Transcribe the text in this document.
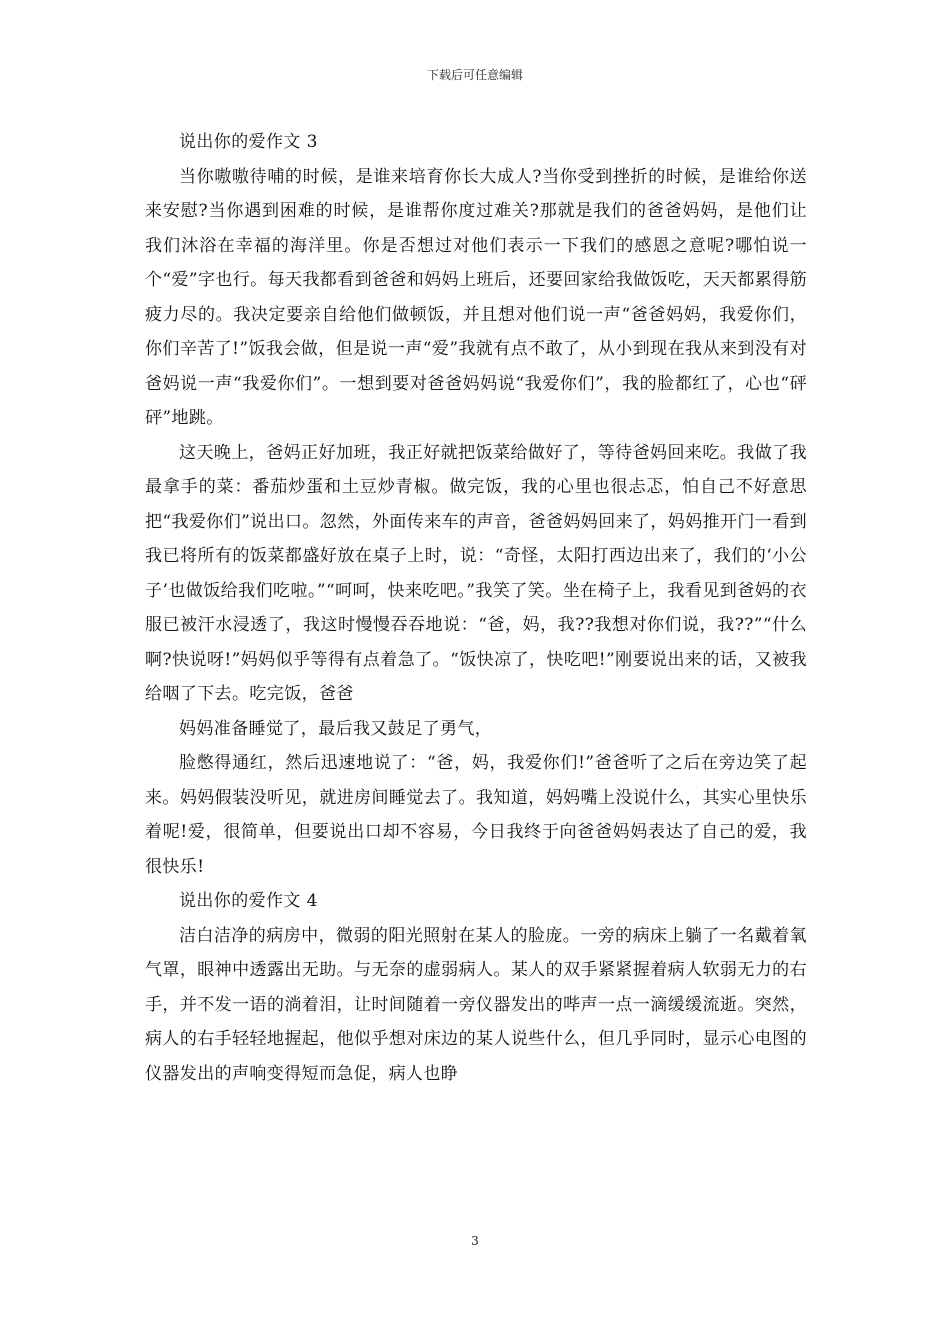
下载后可任意编辑

说出你的爱作文 3

当你嗷嗷待哺的时候，是谁来培育你长大成人?当你受到挫折的时候，是谁给你送来安慰?当你遇到困难的时候，是谁帮你度过难关?那就是我们的爸爸妈妈，是他们让我们沐浴在幸福的海洋里。你是否想过对他们表示一下我们的感恩之意呢?哪怕说一个“爱”字也行。每天我都看到爸爸和妈妈上班后，还要回家给我做饭吃，天天都累得筋疲力尽的。我决定要亲自给他们做顿饭，并且想对他们说一声“爸爸妈妈，我爱你们，你们辛苦了!”饭我会做，但是说一声“爱”我就有点不敢了，从小到现在我从来到没有对爸妈说一声“我爱你们”。一想到要对爸爸妈妈说“我爱你们”，我的脸都红了，心也“砰砰”地跳。

这天晚上，爸妈正好加班，我正好就把饭菜给做好了，等待爸妈回来吃。我做了我最拿手的菜：番茄炒蛋和土豆炒青椒。做完饭，我的心里也很忐忑，怕自己不好意思把“我爱你们”说出口。忽然，外面传来车的声音，爸爸妈妈回来了，妈妈推开门一看到我已将所有的饭菜都盛好放在桌子上时，说：“奇怪，太阳打西边出来了，我们的‘小公子’也做饭给我们吃啦。”“呵呵，快来吃吧。”我笑了笑。坐在椅子上，我看见到爸妈的衣服已被汗水浸透了，我这时慢慢吞吞地说：“爸，妈，我??我想对你们说，我??”“什么啊?快说呀!”妈妈似乎等得有点着急了。“饭快凉了，快吃吧!”刚要说出来的话，又被我给咽了下去。吃完饭，爸爸

妈妈准备睡觉了，最后我又鼓足了勇气，

脸憋得通红，然后迅速地说了：“爸，妈，我爱你们!”爸爸听了之后在旁边笑了起来。妈妈假装没听见，就进房间睡觉去了。我知道，妈妈嘴上没说什么，其实心里快乐着呢!爱，很简单，但要说出口却不容易，今日我终于向爸爸妈妈表达了自己的爱，我很快乐!

说出你的爱作文 4

洁白洁净的病房中，微弱的阳光照射在某人的脸庞。一旁的病床上躺了一名戴着氧气罩，眼神中透露出无助。与无奈的虚弱病人。某人的双手紧紧握着病人软弱无力的右手，并不发一语的淌着泪，让时间随着一旁仪器发出的哔声一点一滴缓缓流逝。突然，病人的右手轻轻地握起，他似乎想对床边的某人说些什么，但几乎同时，显示心电图的仪器发出的声响变得短而急促，病人也睁

3
